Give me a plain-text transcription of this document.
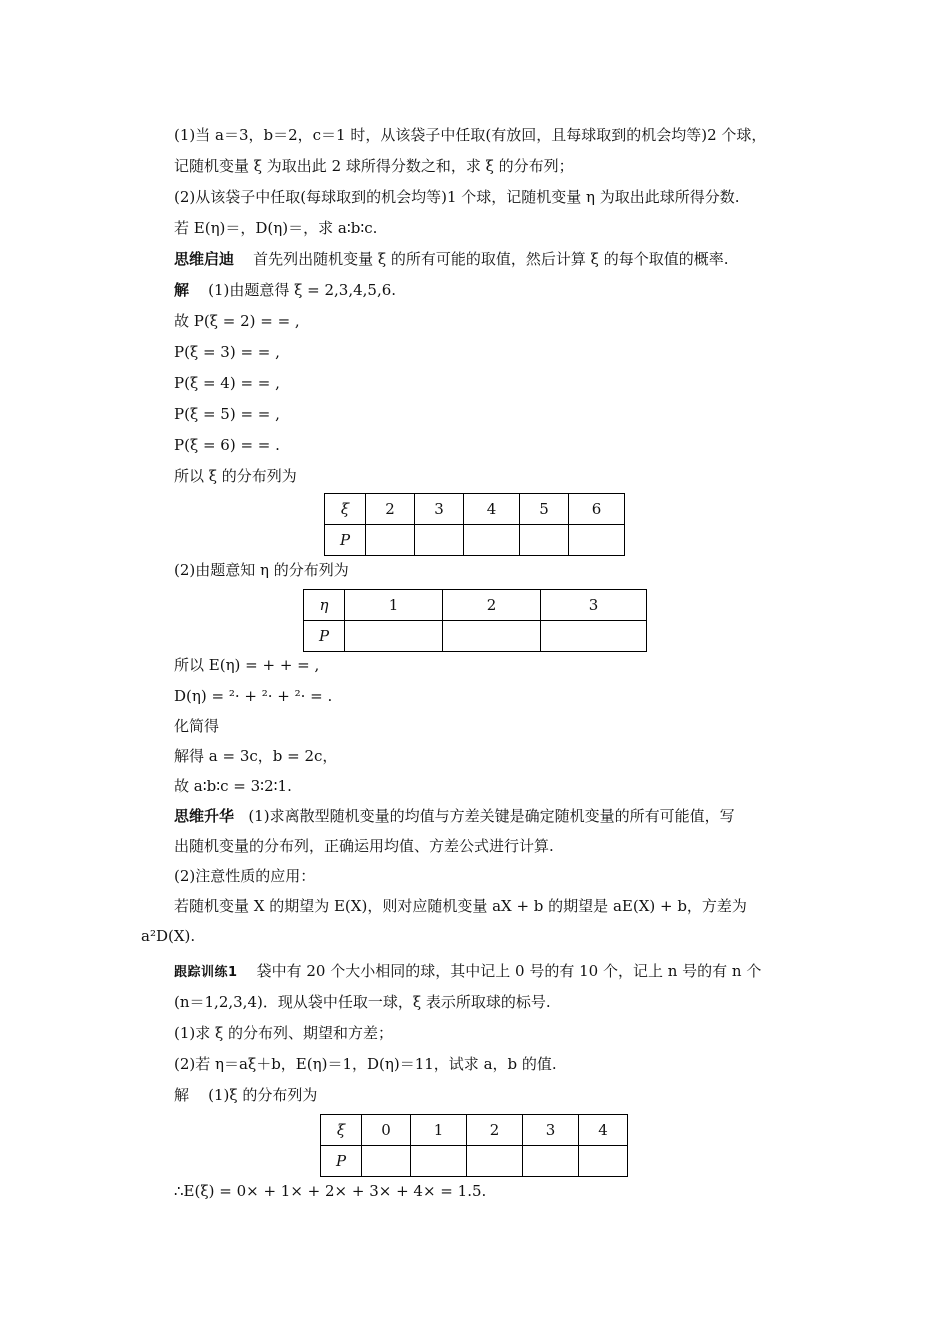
(1)当 a＝3，b＝2，c＝1 时，从该袋子中任取(有放回，且每球取到的机会均等)2 个球，
记随机变量 ξ 为取出此 2 球所得分数之和，求 ξ 的分布列；
(2)从该袋子中任取(每球取到的机会均等)1 个球，记随机变量 η 为取出此球所得分数.
若 E(η)＝，D(η)＝，求 a∶b∶c.
思维启迪 首先列出随机变量 ξ 的所有可能的取值，然后计算 ξ 的每个取值的概率.
解 (1)由题意得 ξ = 2,3,4,5,6.
故 P(ξ = 2) = = ,
P(ξ = 3) = = ,
P(ξ = 4) = = ,
P(ξ = 5) = = ,
P(ξ = 6) = = .
所以 ξ 的分布列为
ξ	2	3	4	5	6
P					
(2)由题意知 η 的分布列为
η	1	2	3
P			
所以 E(η) = + + = ,
D(η) = ²· + ²· + ²· = .
化简得
解得 a = 3c，b = 2c，
故 a∶b∶c = 3∶2∶1.
思维升华 (1)求离散型随机变量的均值与方差关键是确定随机变量的所有可能值，写
出随机变量的分布列，正确运用均值、方差公式进行计算.
(2)注意性质的应用：
若随机变量 X 的期望为 E(X)，则对应随机变量 aX + b 的期望是 aE(X) + b，方差为
a²D(X).
跟踪训练1 袋中有 20 个大小相同的球，其中记上 0 号的有 10 个，记上 n 号的有 n 个
(n＝1,2,3,4)．现从袋中任取一球，ξ 表示所取球的标号.
(1)求 ξ 的分布列、期望和方差；
(2)若 η＝aξ＋b，E(η)＝1，D(η)＝11，试求 a，b 的值.
解 (1)ξ 的分布列为
ξ	0	1	2	3	4
P					
∴E(ξ) = 0× + 1× + 2× + 3× + 4× = 1.5.
